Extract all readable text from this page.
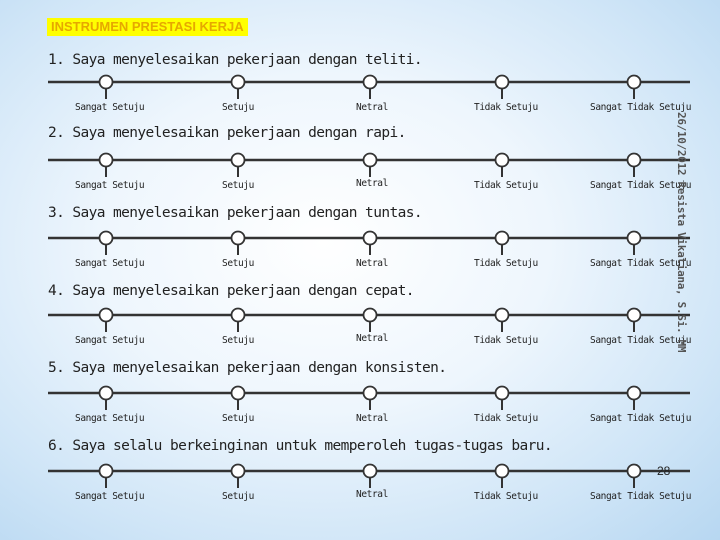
INSTRUMEN PRESTASI KERJA
1. Saya menyelesaikan pekerjaan dengan teliti.
Sangat Setuju	Setuju	Netral	Tidak Setuju	Sangat Tidak Setuju
2. Saya menyelesaikan pekerjaan dengan rapi.
Sangat Setuju	Setuju	Netral	Tidak Setuju	Sangat Tidak Setuju
3. Saya menyelesaikan pekerjaan dengan tuntas.
Sangat Setuju	Setuju	Netral	Tidak Setuju	Sangat Tidak Setuju
4. Saya menyelesaikan pekerjaan dengan cepat.
Sangat Setuju	Setuju	Netral	Tidak Setuju	Sangat Tidak Setuju
5. Saya menyelesaikan pekerjaan dengan konsisten.
Sangat Setuju	Setuju	Netral	Tidak Setuju	Sangat Tidak Setuju
6. Saya selalu berkeinginan untuk memperoleh tugas-tugas baru.
Sangat Setuju	Setuju	Netral	Tidak Setuju	Sangat Tidak Setuju
26/10/2012 Resista Vikaliana, S.Si. MM
28
